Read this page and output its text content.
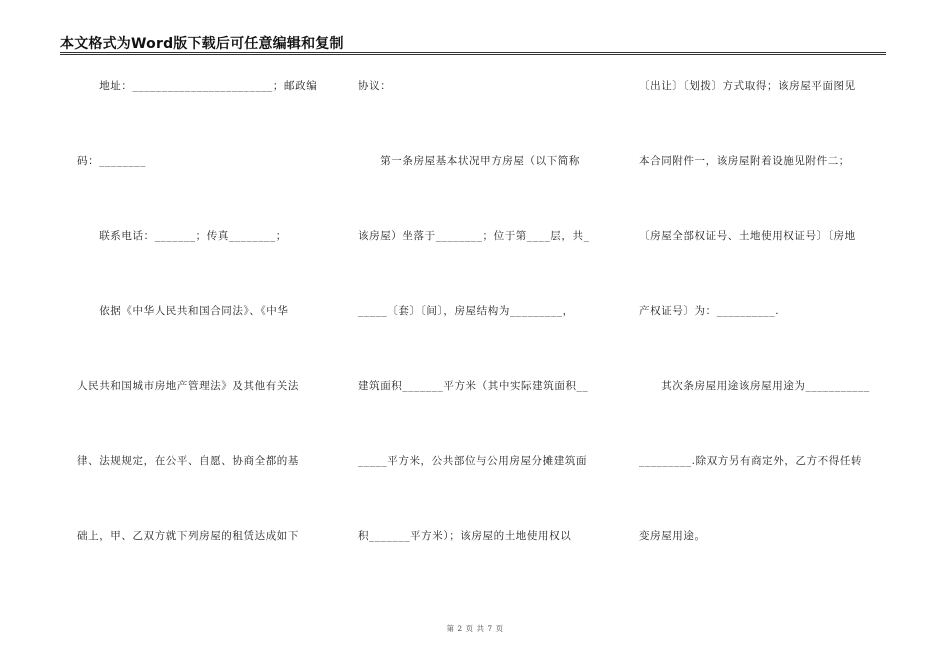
本文格式为Word版下载后可任意编辑和复制
　　地址：________________________；邮政编
码：________
　　联系电话：_______；传真________；
　　依据《中华人民共和国合同法》、《中华
人民共和国城市房地产管理法》及其他有关法
律、法规规定，在公平、自愿、协商全都的基
础上，甲、乙双方就下列房屋的租赁达成如下
协议：
　　第一条房屋基本状况甲方房屋（以下简称
该房屋）坐落于________；位于第____层，共_
_____〔套〕〔间〕，房屋结构为_________，
建筑面积_______平方米（其中实际建筑面积__
_____平方米，公共部位与公用房屋分摊建筑面
积_______平方米）；该房屋的土地使用权以
〔出让〕〔划拨〕方式取得；该房屋平面图见
本合同附件一，该房屋附着设施见附件二；
〔房屋全部权证号、土地使用权证号〕〔房地
产权证号〕为：__________.
　　其次条房屋用途该房屋用途为___________
_________.除双方另有商定外，乙方不得任转
变房屋用途。
第 2 页 共 7 页
